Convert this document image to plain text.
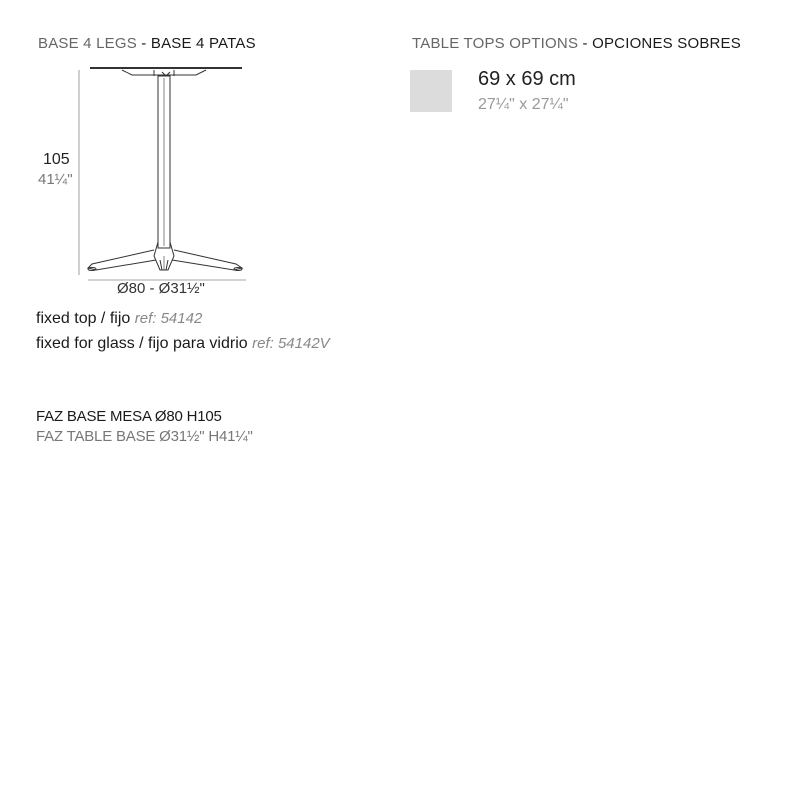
BASE 4 LEGS - BASE 4 PATAS	TABLE TOPS OPTIONS - OPCIONES SOBRES
105
41¼"
Ø80 - Ø31½"
fixed top / fijo ref: 54142
fixed for glass / fijo para vidrio ref: 54142V
FAZ BASE MESA Ø80 H105
FAZ TABLE BASE Ø31½" H41¼"
69 x 69 cm
27¼" x 27¼"
